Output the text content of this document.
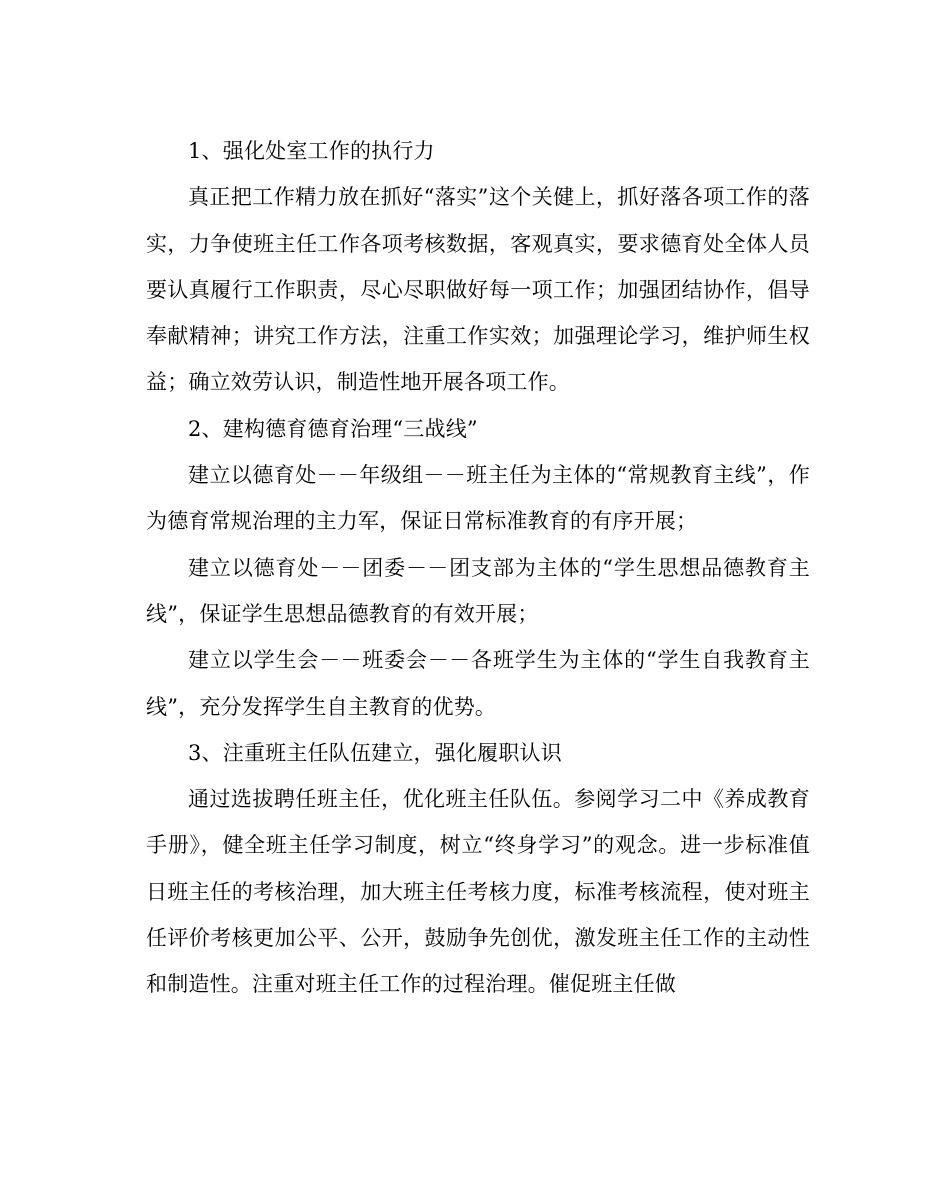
1、强化处室工作的执行力

真正把工作精力放在抓好“落实”这个关健上，抓好落各项工作的落实，力争使班主任工作各项考核数据，客观真实，要求德育处全体人员要认真履行工作职责，尽心尽职做好每一项工作；加强团结协作，倡导奉献精神；讲究工作方法，注重工作实效；加强理论学习，维护师生权益；确立效劳认识，制造性地开展各项工作。

2、建构德育德育治理“三战线”

建立以德育处－－年级组－－班主任为主体的“常规教育主线”，作为德育常规治理的主力军，保证日常标准教育的有序开展；

建立以德育处－－团委－－团支部为主体的“学生思想品德教育主线”，保证学生思想品德教育的有效开展；

建立以学生会－－班委会－－各班学生为主体的“学生自我教育主线”，充分发挥学生自主教育的优势。

3、注重班主任队伍建立，强化履职认识

通过选拔聘任班主任，优化班主任队伍。参阅学习二中《养成教育手册》，健全班主任学习制度，树立“终身学习”的观念。进一步标准值日班主任的考核治理，加大班主任考核力度，标准考核流程，使对班主任评价考核更加公平、公开，鼓励争先创优，激发班主任工作的主动性和制造性。注重对班主任工作的过程治理。催促班主任做
